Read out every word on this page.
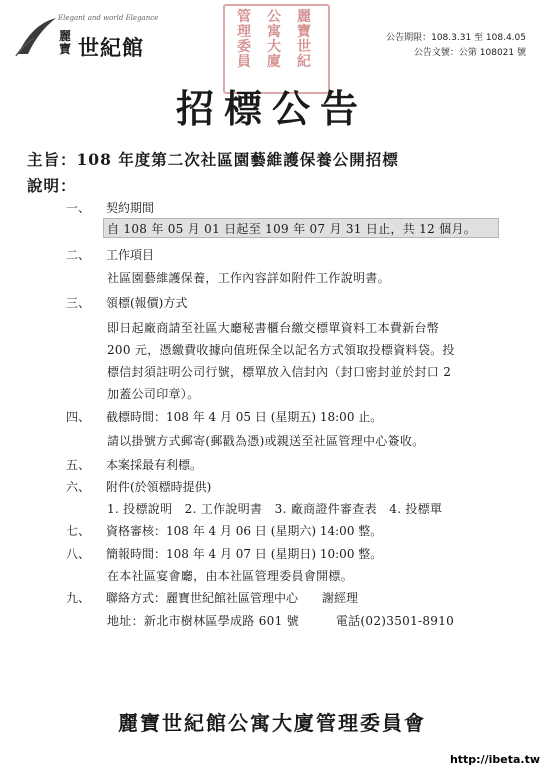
Elegant and world Elegance
麗寶 世紀館
麗寶世紀
公寓大廈
管理委員
公告期限：108.3.31 至 108.4.05
公告文號：公第 108021 號
招標公告
主旨：108 年度第二次社區園藝維護保養公開招標
說明：
一、 契約期間
自 108 年 05 月 01 日起至 109 年 07 月 31 日止，共 12 個月。
二、 工作項目
社區園藝維護保養，工作內容詳如附件工作說明書。
三、 領標(報價)方式
即日起廠商請至社區大廳秘書櫃台繳交標單資料工本費新台幣
200 元，憑繳費收據向值班保全以記名方式領取投標資料袋。投
標信封須註明公司行號，標單放入信封內（封口密封並於封口 2
加蓋公司印章）。
四、 截標時間：108 年 4 月 05 日 (星期五) 18:00 止。
請以掛號方式郵寄(郵戳為憑)或親送至社區管理中心簽收。
五、 本案採最有利標。
六、 附件(於領標時提供)
1. 投標說明　2. 工作說明書　3. 廠商證件審查表　4. 投標單
七、 資格審核：108 年 4 月 06 日 (星期六) 14:00 整。
八、 簡報時間：108 年 4 月 07 日 (星期日) 10:00 整。
在本社區宴會廳，由本社區管理委員會開標。
九、 聯絡方式：麗寶世紀館社區管理中心　　謝經理
地址：新北市樹林區學成路 601 號　　　電話(02)3501-8910
麗寶世紀館公寓大廈管理委員會
http://ibeta.tw
